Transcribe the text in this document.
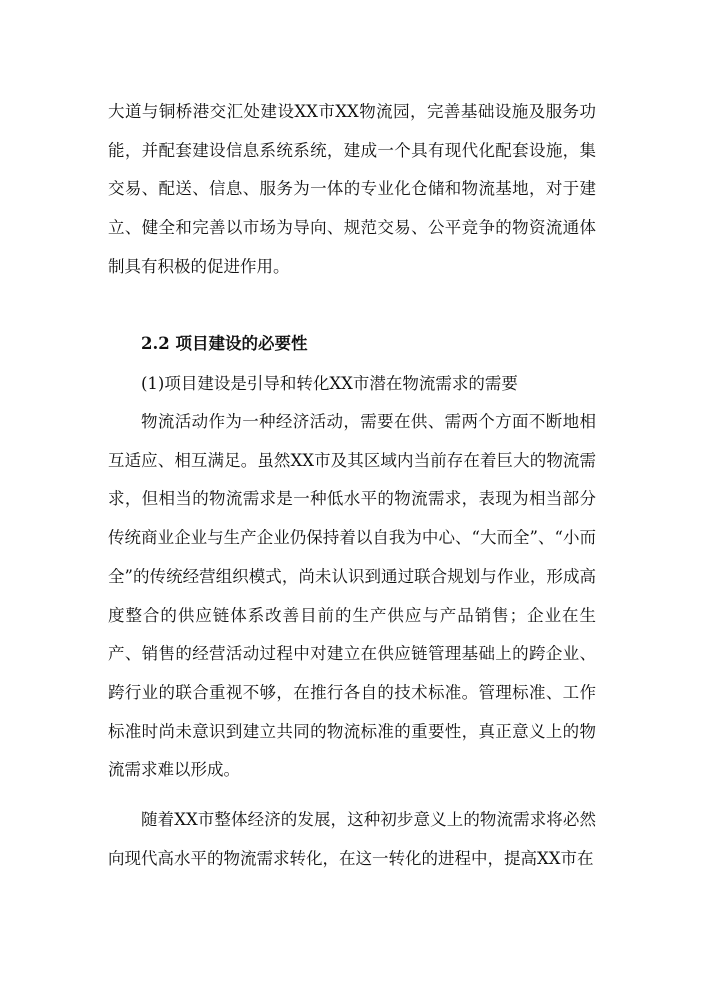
大道与铜桥港交汇处建设XX市XX物流园，完善基础设施及服务功能，并配套建设信息系统系统，建成一个具有现代化配套设施，集交易、配送、信息、服务为一体的专业化仓储和物流基地，对于建立、健全和完善以市场为导向、规范交易、公平竞争的物资流通体制具有积极的促进作用。

2.2 项目建设的必要性

(1)项目建设是引导和转化XX市潜在物流需求的需要

物流活动作为一种经济活动，需要在供、需两个方面不断地相互适应、相互满足。虽然XX市及其区域内当前存在着巨大的物流需求，但相当的物流需求是一种低水平的物流需求，表现为相当部分传统商业企业与生产企业仍保持着以自我为中心、“大而全”、“小而全”的传统经营组织模式，尚未认识到通过联合规划与作业，形成高度整合的供应链体系改善目前的生产供应与产品销售；企业在生产、销售的经营活动过程中对建立在供应链管理基础上的跨企业、跨行业的联合重视不够，在推行各自的技术标准。管理标准、工作标准时尚未意识到建立共同的物流标准的重要性，真正意义上的物流需求难以形成。

随着XX市整体经济的发展，这种初步意义上的物流需求将必然向现代高水平的物流需求转化，在这一转化的进程中，提高XX市在
